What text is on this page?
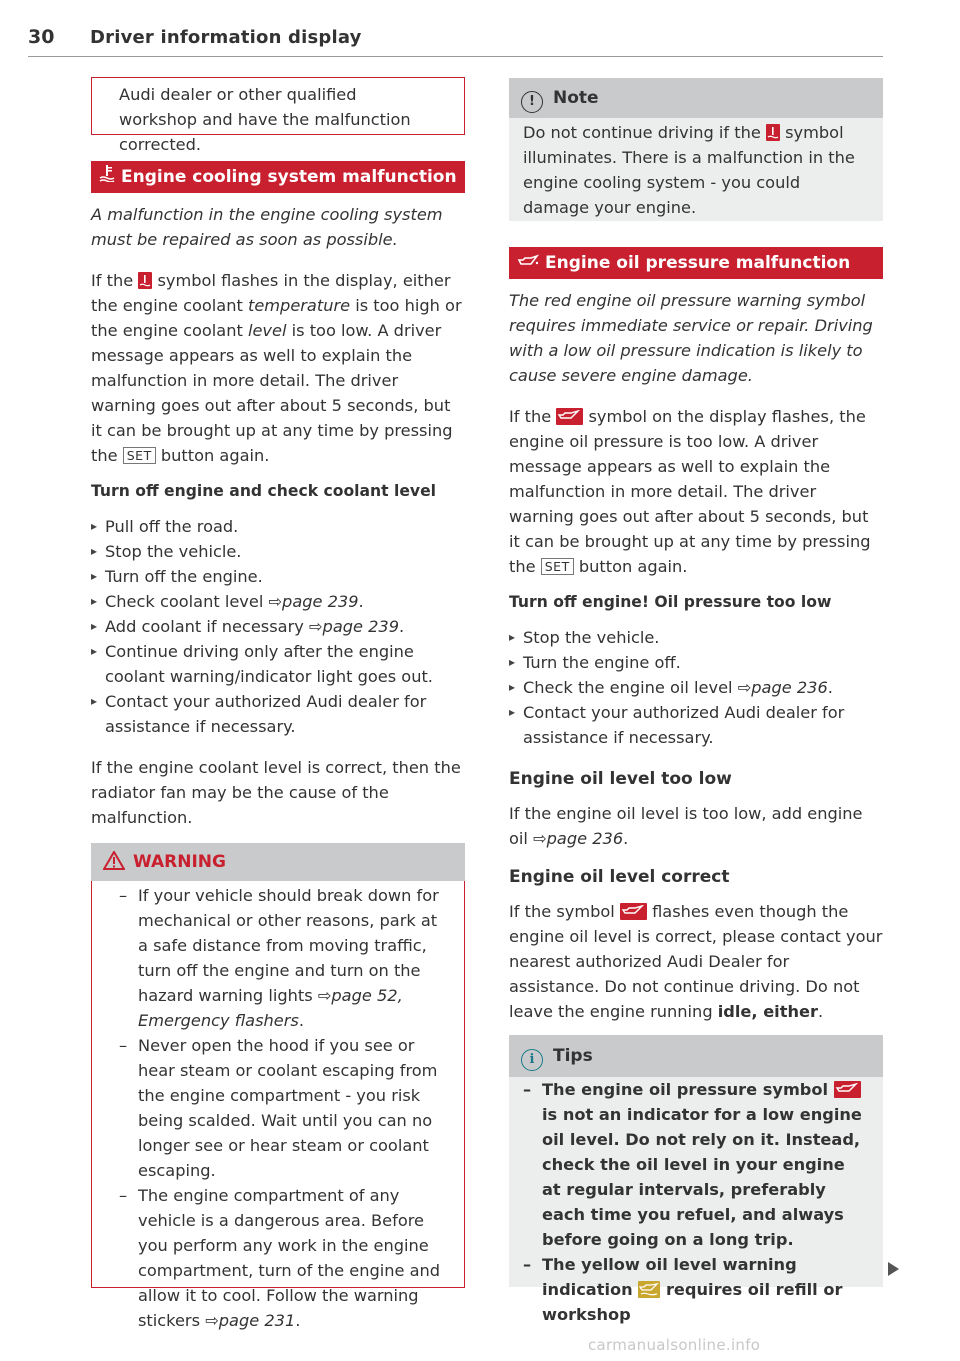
30 Driver information display

Audi dealer or other qualified workshop and have the malfunction corrected.

Engine cooling system malfunction

A malfunction in the engine cooling system must be repaired as soon as possible.

If the symbol flashes in the display, either the engine coolant temperature is too high or the engine coolant level is too low. A driver message appears as well to explain the malfunction in more detail. The driver warning goes out after about 5 seconds, but it can be brought up at any time by pressing the SET button again.

Turn off engine and check coolant level

▸ Pull off the road.
▸ Stop the vehicle.
▸ Turn off the engine.
▸ Check coolant level ⇨page 239.
▸ Add coolant if necessary ⇨page 239.
▸ Continue driving only after the engine coolant warning/indicator light goes out.
▸ Contact your authorized Audi dealer for assistance if necessary.

If the engine coolant level is correct, then the radiator fan may be the cause of the malfunction.

WARNING
– If your vehicle should break down for mechanical or other reasons, park at a safe distance from moving traffic, turn off the engine and turn on the hazard warning lights ⇨page 52, Emergency flashers.
– Never open the hood if you see or hear steam or coolant escaping from the engine compartment - you risk being scalded. Wait until you can no longer see or hear steam or coolant escaping.
– The engine compartment of any vehicle is a dangerous area. Before you perform any work in the engine compartment, turn of the engine and allow it to cool. Follow the warning stickers ⇨page 231.
! Note

Do not continue driving if the symbol illuminates. There is a malfunction in the engine cooling system - you could damage your engine.

Engine oil pressure malfunction

The red engine oil pressure warning symbol requires immediate service or repair. Driving with a low oil pressure indication is likely to cause severe engine damage.

If the symbol on the display flashes, the engine oil pressure is too low. A driver message appears as well to explain the malfunction in more detail. The driver warning goes out after about 5 seconds, but it can be brought up at any time by pressing the SET button again.

Turn off engine! Oil pressure too low

▸ Stop the vehicle.
▸ Turn the engine off.
▸ Check the engine oil level ⇨page 236.
▸ Contact your authorized Audi dealer for assistance if necessary.

Engine oil level too low

If the engine oil level is too low, add engine oil ⇨page 236.

Engine oil level correct

If the symbol flashes even though the engine oil level is correct, please contact your nearest authorized Audi Dealer for assistance. Do not continue driving. Do not leave the engine running idle, either.

i Tips
– The engine oil pressure symbol
is not an indicator for a low engine oil level. Do not rely on it. Instead, check the oil level in your engine at regular intervals, preferably each time you refuel, and always before going on a long trip.
– The yellow oil level warning indication requires oil refill or workshop
carmanualsonline.info
